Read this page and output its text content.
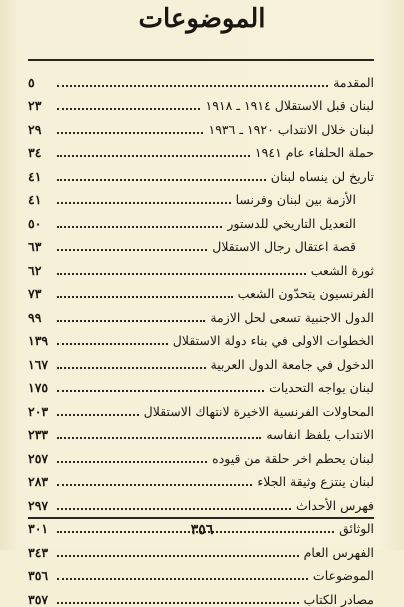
الموضوعات
المقدمة
٥
لبنان قبل الاستقلال ١٩١٤ ـ ١٩١٨
٢٣
لبنان خلال الانتداب ١٩٢٠ ـ ١٩٣٦
٢٩
حملة الحلفاء عام ١٩٤١
٣٤
تاريخ لن ينساه لبنان
٤١
الأزمة بين لبنان وفرنسا
٤١
التعديل التاريخي للدستور
٥٠
قصة اعتقال رجال الاستقلال
٦٣
ثورة الشعب
٦٢
الفرنسيون يتحدّون الشعب
٧٣
الدول الاجنبية تسعى لحل الازمة
٩٩
الخطوات الاولى في بناء دولة الاستقلال
١٣٩
الدخول في جامعة الدول العربية
١٦٧
لبنان يواجه التحديات
١٧٥
المحاولات الفرنسية الاخيرة لانتهاك الاستقلال
٢٠٣
الانتداب يلفظ انفاسه
٢٣٣
لبنان يحطم اخر حلقة من قيوده
٢٥٧
لبنان ينتزع وثيقة الجلاء
٢٨٣
فهرس الأحداث
٢٩٧
الوثائق
٣٠١
الفهرس العام
٣٤٣
الموضوعات
٣٥٦
مصادر الكتاب
٣٥٧
٣٥٦
